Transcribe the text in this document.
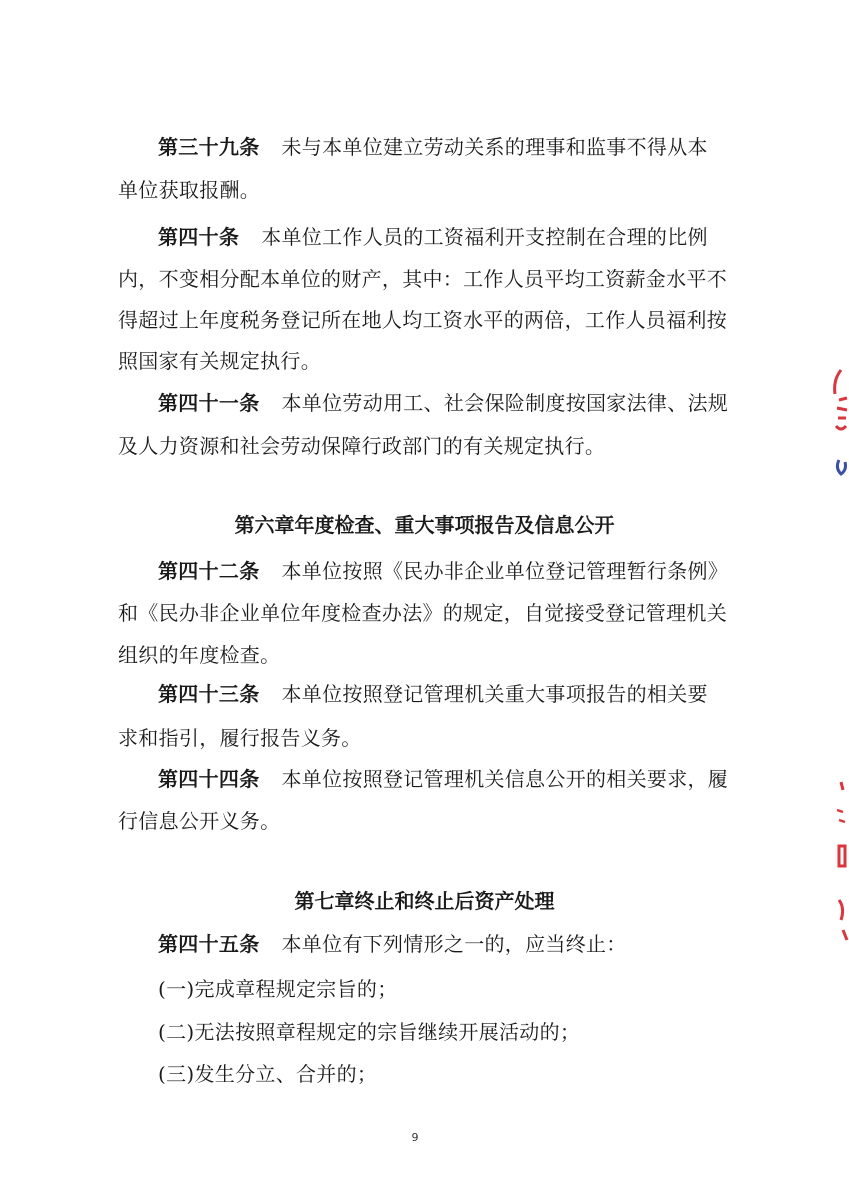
第三十九条 未与本单位建立劳动关系的理事和监事不得从本
单位获取报酬。
第四十条 本单位工作人员的工资福利开支控制在合理的比例
内，不变相分配本单位的财产，其中：工作人员平均工资薪金水平不
得超过上年度税务登记所在地人均工资水平的两倍，工作人员福利按
照国家有关规定执行。
第四十一条 本单位劳动用工、社会保险制度按国家法律、法规
及人力资源和社会劳动保障行政部门的有关规定执行。
第六章年度检查、重大事项报告及信息公开
第四十二条 本单位按照《民办非企业单位登记管理暂行条例》
和《民办非企业单位年度检查办法》的规定，自觉接受登记管理机关
组织的年度检查。
第四十三条 本单位按照登记管理机关重大事项报告的相关要
求和指引，履行报告义务。
第四十四条 本单位按照登记管理机关信息公开的相关要求，履
行信息公开义务。
第七章终止和终止后资产处理
第四十五条 本单位有下列情形之一的，应当终止：
(一)完成章程规定宗旨的；
(二)无法按照章程规定的宗旨继续开展活动的；
(三)发生分立、合并的；
9
